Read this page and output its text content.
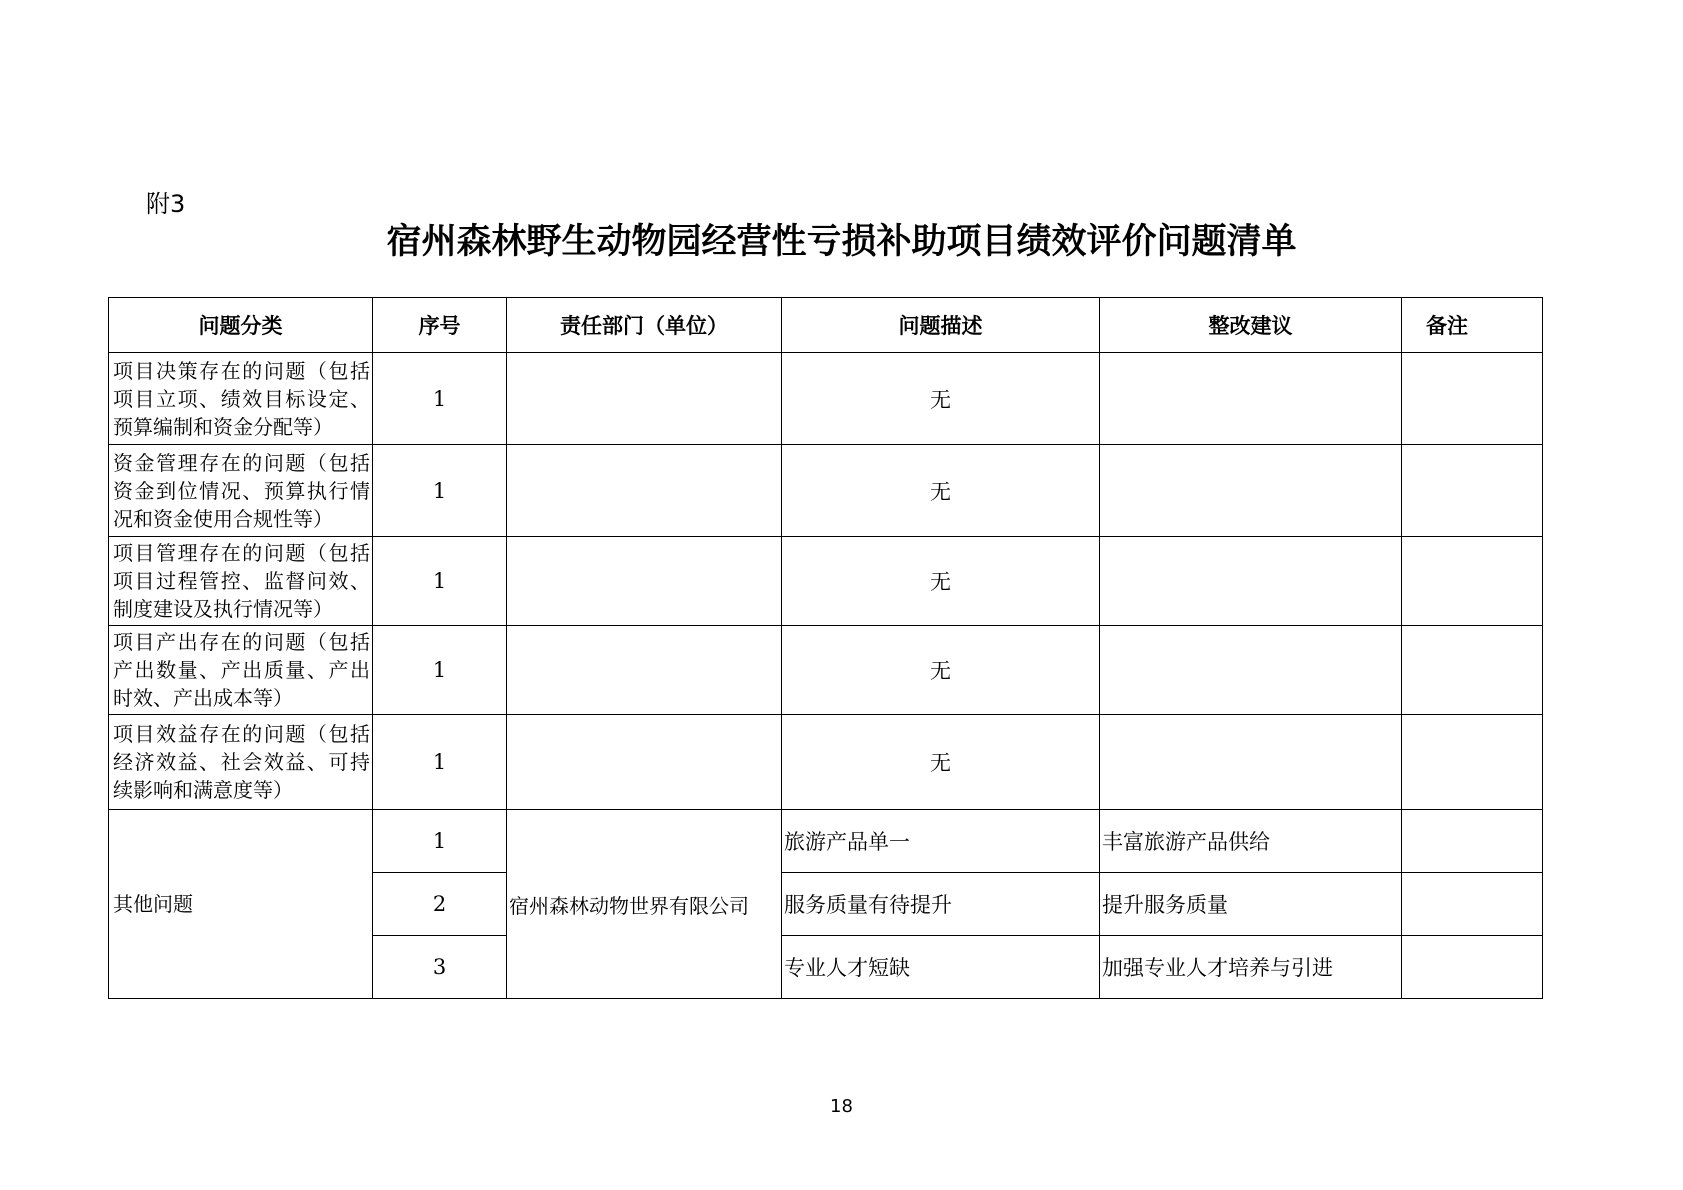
附3
宿州森林野生动物园经营性亏损补助项目绩效评价问题清单
问题分类	序号	责任部门（单位）	问题描述	整改建议	备注
项目决策存在的问题（包括项目立项、绩效目标设定、预算编制和资金分配等）	1		无		
资金管理存在的问题（包括资金到位情况、预算执行情况和资金使用合规性等）	1		无		
项目管理存在的问题（包括项目过程管控、监督问效、制度建设及执行情况等）	1		无		
项目产出存在的问题（包括产出数量、产出质量、产出时效、产出成本等）	1		无		
项目效益存在的问题（包括经济效益、社会效益、可持续影响和满意度等）	1		无		
其他问题	1	宿州森林动物世界有限公司	旅游产品单一	丰富旅游产品供给	
	2		服务质量有待提升	提升服务质量	
	3		专业人才短缺	加强专业人才培养与引进	
18
